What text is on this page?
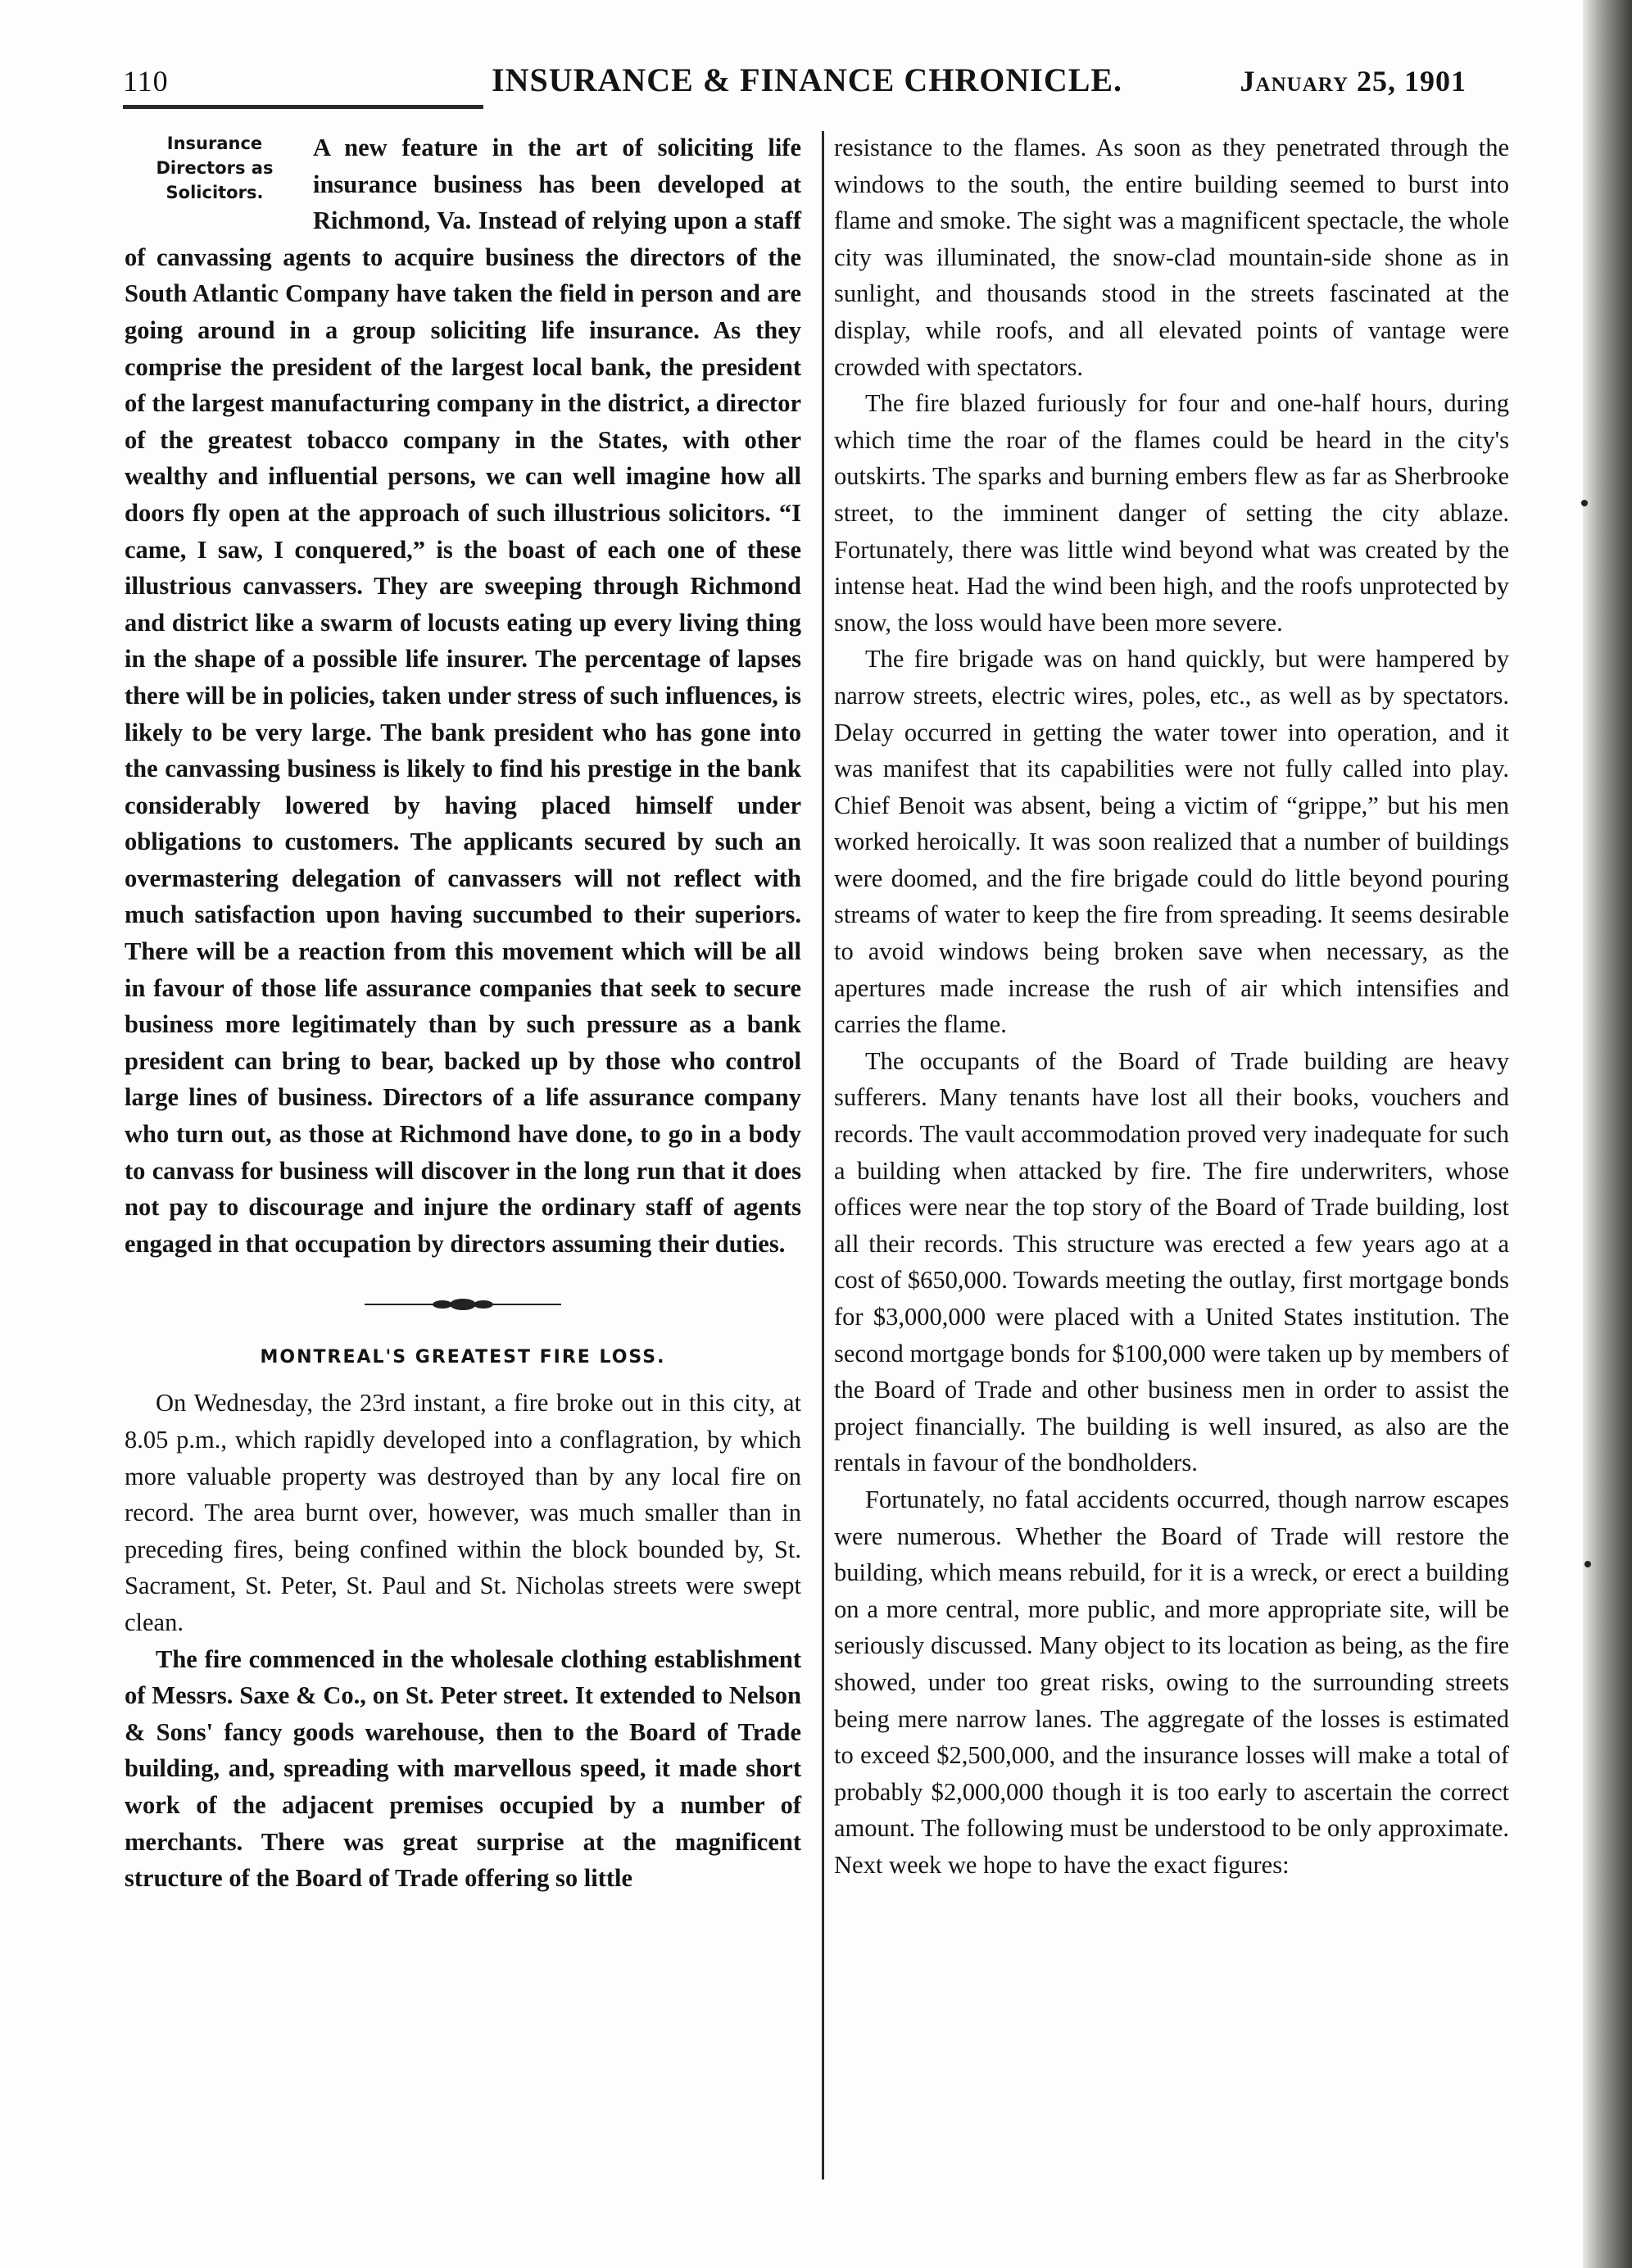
110	INSURANCE & FINANCE CHRONICLE.	January 25, 1901
Insurance Directors as Solicitors.

A new feature in the art of soliciting life insurance business has been developed at Richmond, Va. Instead of relying upon a staff of canvassing agents to acquire business the directors of the South Atlantic Company have taken the field in person and are going around in a group soliciting life insurance. As they comprise the president of the largest local bank, the president of the largest manufacturing company in the district, a director of the greatest tobacco company in the States, with other wealthy and influential persons, we can well imagine how all doors fly open at the approach of such illustrious solicitors. “I came, I saw, I conquered,” is the boast of each one of these illustrious canvassers. They are sweeping through Richmond and district like a swarm of locusts eating up every living thing in the shape of a possible life insurer. The percentage of lapses there will be in policies, taken under stress of such influences, is likely to be very large. The bank president who has gone into the canvassing business is likely to find his prestige in the bank considerably lowered by having placed himself under obligations to customers. The applicants secured by such an overmastering delegation of canvassers will not reflect with much satisfaction upon having succumbed to their superiors. There will be a reaction from this movement which will be all in favour of those life assurance companies that seek to secure business more legitimately than by such pressure as a bank president can bring to bear, backed up by those who control large lines of business. Directors of a life assurance company who turn out, as those at Richmond have done, to go in a body to canvass for business will discover in the long run that it does not pay to discourage and injure the ordinary staff of agents engaged in that occupation by directors assuming their duties.

MONTREAL'S GREATEST FIRE LOSS.

On Wednesday, the 23rd instant, a fire broke out in this city, at 8.05 p.m., which rapidly developed into a conflagration, by which more valuable property was destroyed than by any local fire on record. The area burnt over, however, was much smaller than in preceding fires, being confined within the block bounded by, St. Sacrament, St. Peter, St. Paul and St. Nicholas streets were swept clean.

The fire commenced in the wholesale clothing establishment of Messrs. Saxe & Co., on St. Peter street. It extended to Nelson & Sons' fancy goods warehouse, then to the Board of Trade building, and, spreading with marvellous speed, it made short work of the adjacent premises occupied by a number of merchants. There was great surprise at the magnificent structure of the Board of Trade offering so little

resistance to the flames. As soon as they penetrated through the windows to the south, the entire building seemed to burst into flame and smoke. The sight was a magnificent spectacle, the whole city was illuminated, the snow-clad mountain-side shone as in sunlight, and thousands stood in the streets fascinated at the display, while roofs, and all elevated points of vantage were crowded with spectators.

The fire blazed furiously for four and one-half hours, during which time the roar of the flames could be heard in the city's outskirts. The sparks and burning embers flew as far as Sherbrooke street, to the imminent danger of setting the city ablaze. Fortunately, there was little wind beyond what was created by the intense heat. Had the wind been high, and the roofs unprotected by snow, the loss would have been more severe.

The fire brigade was on hand quickly, but were hampered by narrow streets, electric wires, poles, etc., as well as by spectators. Delay occurred in getting the water tower into operation, and it was manifest that its capabilities were not fully called into play. Chief Benoit was absent, being a victim of “grippe,” but his men worked heroically. It was soon realized that a number of buildings were doomed, and the fire brigade could do little beyond pouring streams of water to keep the fire from spreading. It seems desirable to avoid windows being broken save when necessary, as the apertures made increase the rush of air which intensifies and carries the flame.

The occupants of the Board of Trade building are heavy sufferers. Many tenants have lost all their books, vouchers and records. The vault accommodation proved very inadequate for such a building when attacked by fire. The fire underwriters, whose offices were near the top story of the Board of Trade building, lost all their records. This structure was erected a few years ago at a cost of $650,000. Towards meeting the outlay, first mortgage bonds for $3,000,000 were placed with a United States institution. The second mortgage bonds for $100,000 were taken up by members of the Board of Trade and other business men in order to assist the project financially. The building is well insured, as also are the rentals in favour of the bondholders.

Fortunately, no fatal accidents occurred, though narrow escapes were numerous. Whether the Board of Trade will restore the building, which means rebuild, for it is a wreck, or erect a building on a more central, more public, and more appropriate site, will be seriously discussed. Many object to its location as being, as the fire showed, under too great risks, owing to the surrounding streets being mere narrow lanes. The aggregate of the losses is estimated to exceed $2,500,000, and the insurance losses will make a total of probably $2,000,000 though it is too early to ascertain the correct amount. The following must be understood to be only approximate. Next week we hope to have the exact figures:
